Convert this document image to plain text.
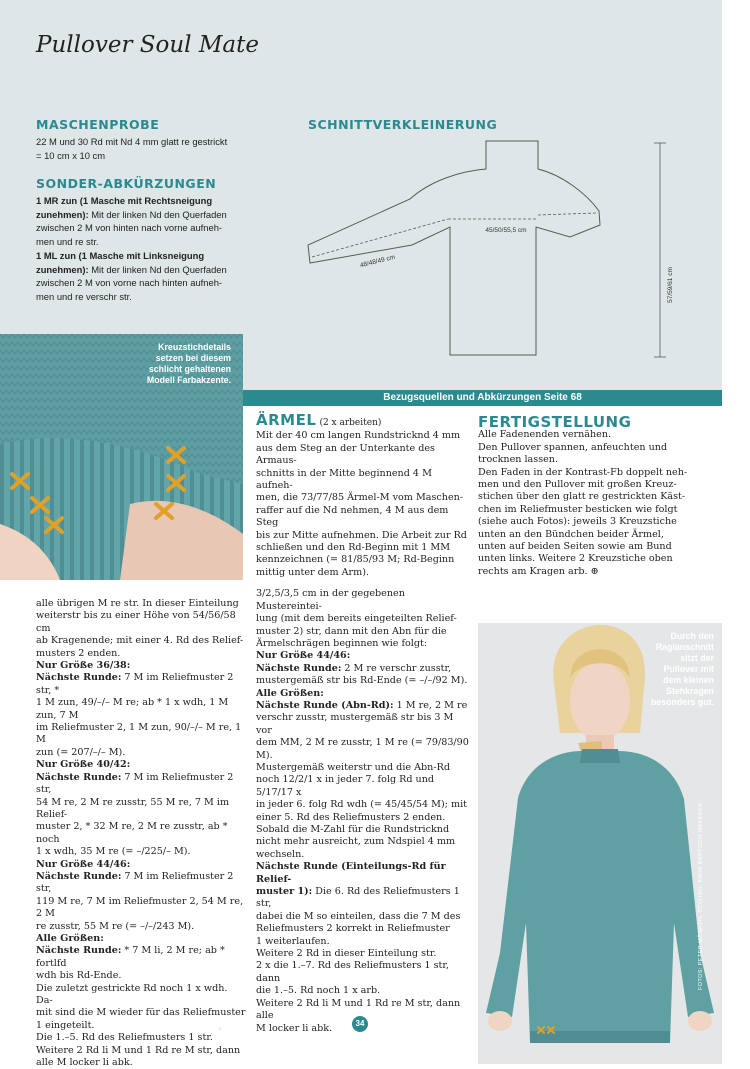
Pullover Soul Mate
MASCHENPROBE
22 M und 30 Rd mit Nd 4 mm glatt re gestrickt
= 10 cm x 10 cm
SONDER-ABKÜRZUNGEN
1 MR zun (1 Masche mit Rechtsneigung
zunehmen): Mit der linken Nd den Querfaden
zwischen 2 M von hinten nach vorne aufneh-
men und re str.
1 ML zun (1 Masche mit Linksneigung
zunehmen): Mit der linken Nd den Querfaden
zwischen 2 M von vorne nach hinten aufneh-
men und re verschr str.
SCHNITTVERKLEINERUNG
45/50/55,5 cm
48/48/49 cm
57/59/61 cm
Kreuzstichdetails
setzen bei diesem
schlicht gehaltenen
Modell Farbakzente.
Bezugsquellen und Abkürzungen Seite 68

alle übrigen M re str. In dieser Einteilung

weiterstr bis zu einer Höhe von 54/56/58 cm

ab Kragenende; mit einer 4. Rd des Relief-

musters 2 enden.

Nur Größe 36/38:

Nächste Runde: 7 M im Reliefmuster 2 str, *

1 M zun, 49/–/– M re; ab * 1 x wdh, 1 M zun, 7 M

im Reliefmuster 2, 1 M zun, 90/–/– M re, 1 M

zun (= 207/–/– M).

Nur Größe 40/42:

Nächste Runde: 7 M im Reliefmuster 2 str,

54 M re, 2 M re zusstr, 55 M re, 7 M im Relief-

muster 2, * 32 M re, 2 M re zusstr, ab * noch

1 x wdh, 35 M re (= –/225/– M).

Nur Größe 44/46:

Nächste Runde: 7 M im Reliefmuster 2 str,

119 M re, 7 M im Reliefmuster 2, 54 M re, 2 M

re zusstr, 55 M re (= –/–/243 M).

Alle Größen:

Nächste Runde: * 7 M li, 2 M re; ab * fortlfd

wdh bis Rd-Ende.

Die zuletzt gestrickte Rd noch 1 x wdh. Da-

mit sind die M wieder für das Reliefmuster

1 eingeteilt.

Die 1.–5. Rd des Reliefmusters 1 str.

Weitere 2 Rd li M und 1 Rd re M str, dann

alle M locker li abk.

ÄRMEL (2 x arbeiten)

Mit der 40 cm langen Rundstricknd 4 mm

aus dem Steg an der Unterkante des Armaus-

schnitts in der Mitte beginnend 4 M aufneh-

men, die 73/77/85 Ärmel-M vom Maschen-

raffer auf die Nd nehmen, 4 M aus dem Steg

bis zur Mitte aufnehmen. Die Arbeit zur Rd

schließen und den Rd-Beginn mit 1 MM

kennzeichnen (= 81/85/93 M; Rd-Beginn

mittig unter dem Arm).

3/2,5/3,5 cm in der gegebenen Mustereintei-

lung (mit dem bereits eingeteilten Relief-

muster 2) str, dann mit den Abn für die

Ärmelschrägen beginnen wie folgt:

Nur Größe 44/46:

Nächste Runde: 2 M re verschr zusstr,

mustergemäß str bis Rd-Ende (= –/–/92 M).

Alle Größen:

Nächste Runde (Abn-Rd): 1 M re, 2 M re

verschr zusstr, mustergemäß str bis 3 M vor

dem MM, 2 M re zusstr, 1 M re (= 79/83/90 M).

Mustergemäß weiterstr und die Abn-Rd

noch 12/2/1 x in jeder 7. folg Rd und 5/17/17 x

in jeder 6. folg Rd wdh (= 45/45/54 M); mit

einer 5. Rd des Reliefmusters 2 enden.

Sobald die M-Zahl für die Rundstricknd

nicht mehr ausreicht, zum Ndspiel 4 mm

wechseln.

Nächste Runde (Einteilungs-Rd für Relief-

muster 1): Die 6. Rd des Reliefmusters 1 str,

dabei die M so einteilen, dass die 7 M des

Reliefmusters 2 korrekt in Reliefmuster

1 weiterlaufen.

Weitere 2 Rd in dieser Einteilung str.

2 x die 1.–7. Rd des Reliefmusters 1 str, dann

die 1.–5. Rd noch 1 x arb.

Weitere 2 Rd li M und 1 Rd re M str, dann alle

M locker li abk.

FERTIGSTELLUNG

Alle Fadenenden vernähen.

Den Pullover spannen, anfeuchten und

trocknen lassen.

Den Faden in der Kontrast-Fb doppelt neh-

men und den Pullover mit großen Kreuz-

stichen über den glatt re gestrickten Käst-

chen im Reliefmuster besticken wie folgt

(siehe auch Fotos): jeweils 3 Kreuzstiche

unten an den Bündchen beider Ärmel,

unten auf beiden Seiten sowie am Bund

unten links. Weitere 2 Kreuzstiche oben

rechts am Kragen arb. ⊕

Durch den
Raglanschnitt
sitzt der
Pullover mit
dem kleinen
Stehkragen
besonders gut.
FOTOS: PETER MÖNKEN; STYLING: ANNA BARTOCH-MAPERKA
∟
34
